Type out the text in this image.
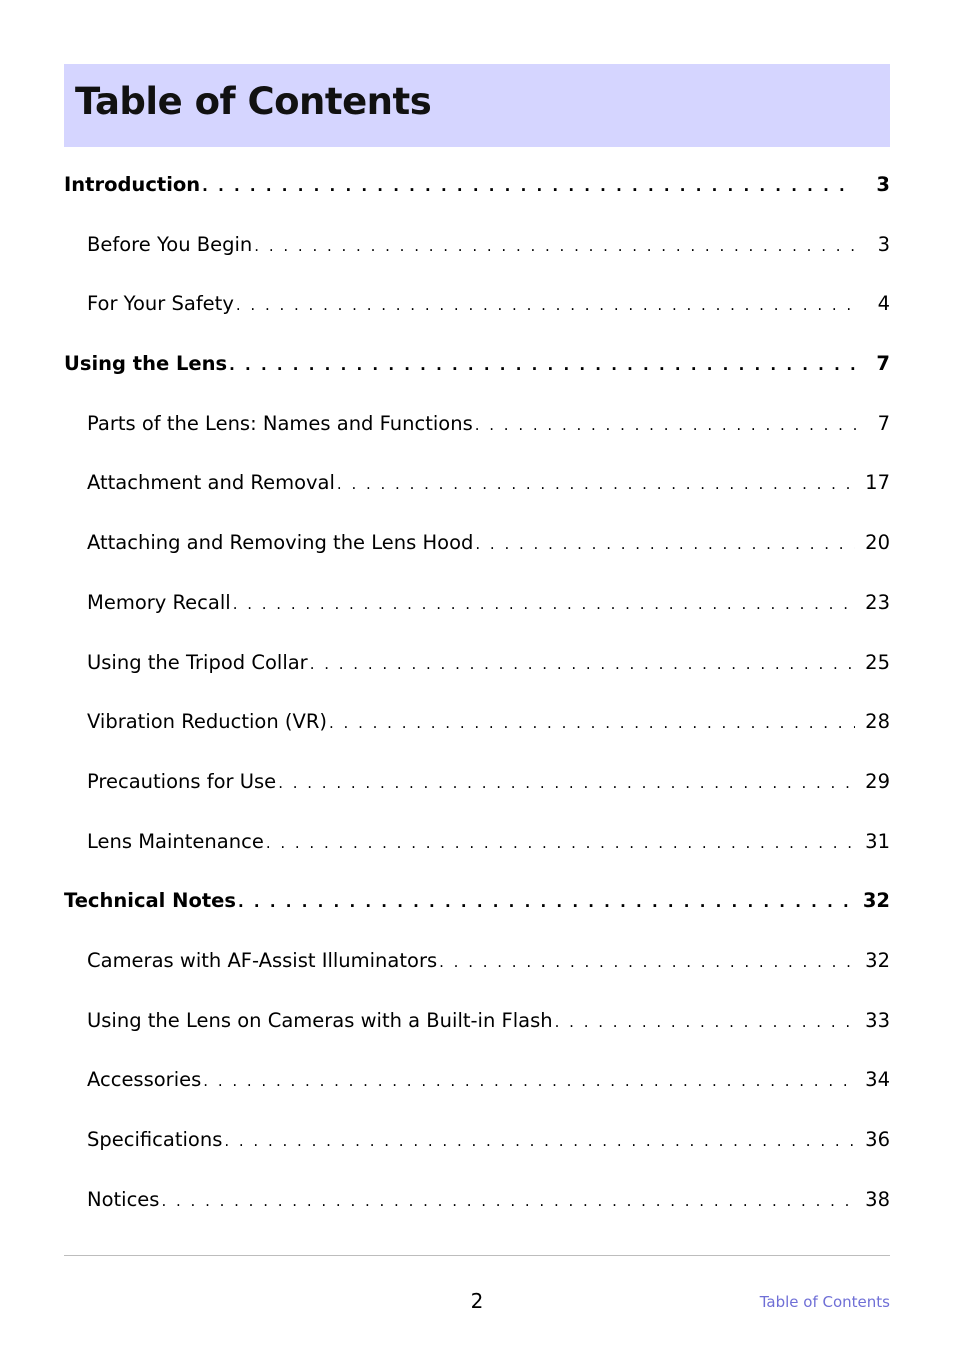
Table of Contents
Introduction . . .	3
Before You Begin . . .	3
For Your Safety . . .	4
Using the Lens . . .	7
Parts of the Lens: Names and Functions . . .	7
Attachment and Removal . . .	17
Attaching and Removing the Lens Hood . . .	20
Memory Recall . . .	23
Using the Tripod Collar . . .	25
Vibration Reduction (VR) . . .	28
Precautions for Use . . .	29
Lens Maintenance . . .	31
Technical Notes . . .	32
Cameras with AF-Assist Illuminators . . .	32
Using the Lens on Cameras with a Built-in Flash . . .	33
Accessories . . .	34
Specifications . . .	36
Notices . . .	38
2	Table of Contents
